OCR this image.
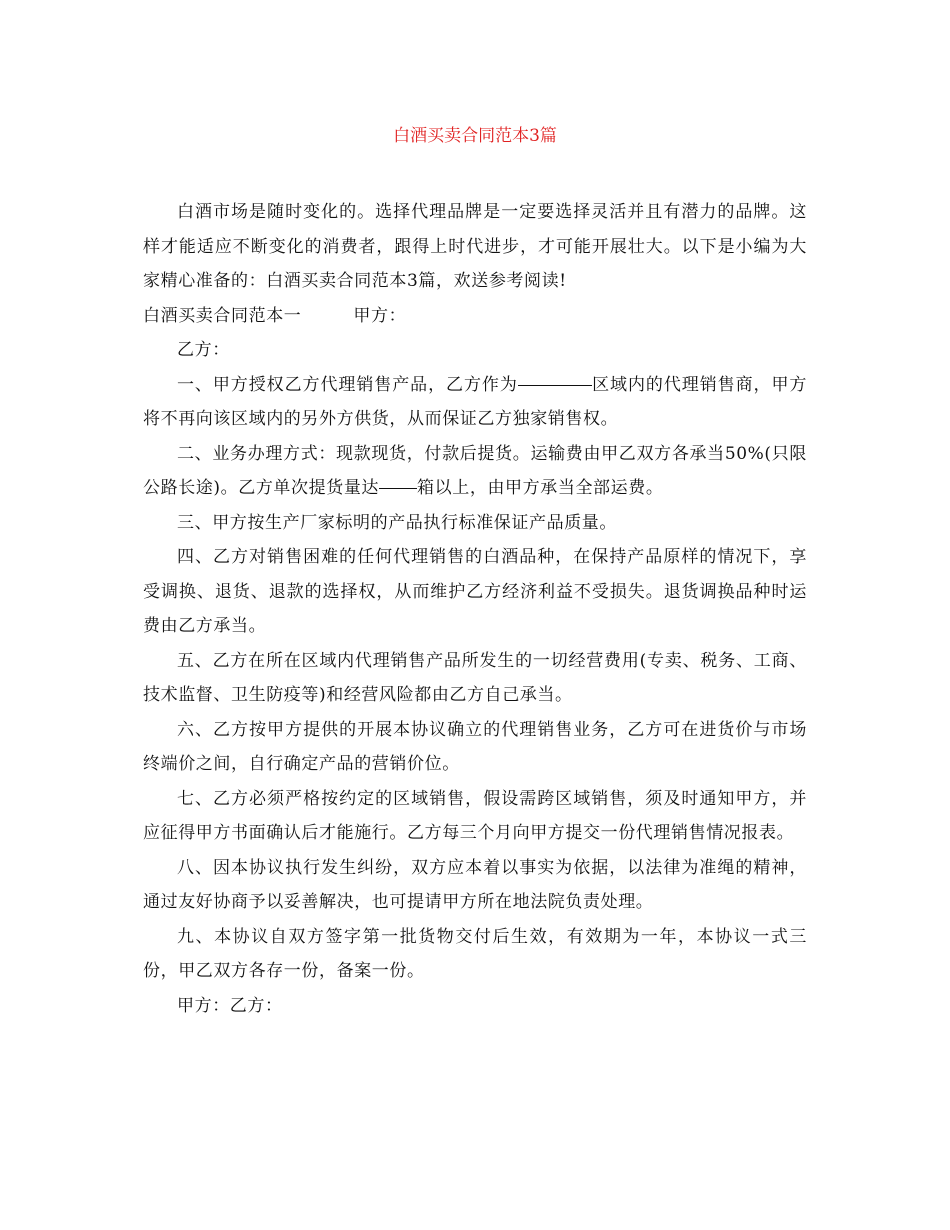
白酒买卖合同范本3篇

白酒市场是随时变化的。选择代理品牌是一定要选择灵活并且有潜力的品牌。这样才能适应不断变化的消费者，跟得上时代进步，才可能开展壮大。以下是小编为大家精心准备的：白酒买卖合同范本3篇，欢送参考阅读!

白酒买卖合同范本一	甲方：

乙方：

一、甲方授权乙方代理销售产品，乙方作为	区域内的代理销售商，甲方将不再向该区域内的另外方供货，从而保证乙方独家销售权。

二、业务办理方式：现款现货，付款后提货。运输费由甲乙双方各承当50%(只限公路长途)。乙方单次提货量达 箱以上，由甲方承当全部运费。

三、甲方按生产厂家标明的产品执行标准保证产品质量。

四、乙方对销售困难的任何代理销售的白酒品种，在保持产品原样的情况下，享受调换、退货、退款的选择权，从而维护乙方经济利益不受损失。退货调换品种时运费由乙方承当。

五、乙方在所在区域内代理销售产品所发生的一切经营费用(专卖、税务、工商、技术监督、卫生防疫等)和经营风险都由乙方自己承当。

六、乙方按甲方提供的开展本协议确立的代理销售业务，乙方可在进货价与市场终端价之间，自行确定产品的营销价位。

七、乙方必须严格按约定的区域销售，假设需跨区域销售，须及时通知甲方，并应征得甲方书面确认后才能施行。乙方每三个月向甲方提交一份代理销售情况报表。

八、因本协议执行发生纠纷，双方应本着以事实为依据，以法律为准绳的精神，通过友好协商予以妥善解决，也可提请甲方所在地法院负责处理。

九、本协议自双方签字第一批货物交付后生效，有效期为一年，本协议一式三份，甲乙双方各存一份，备案一份。

甲方：乙方：
